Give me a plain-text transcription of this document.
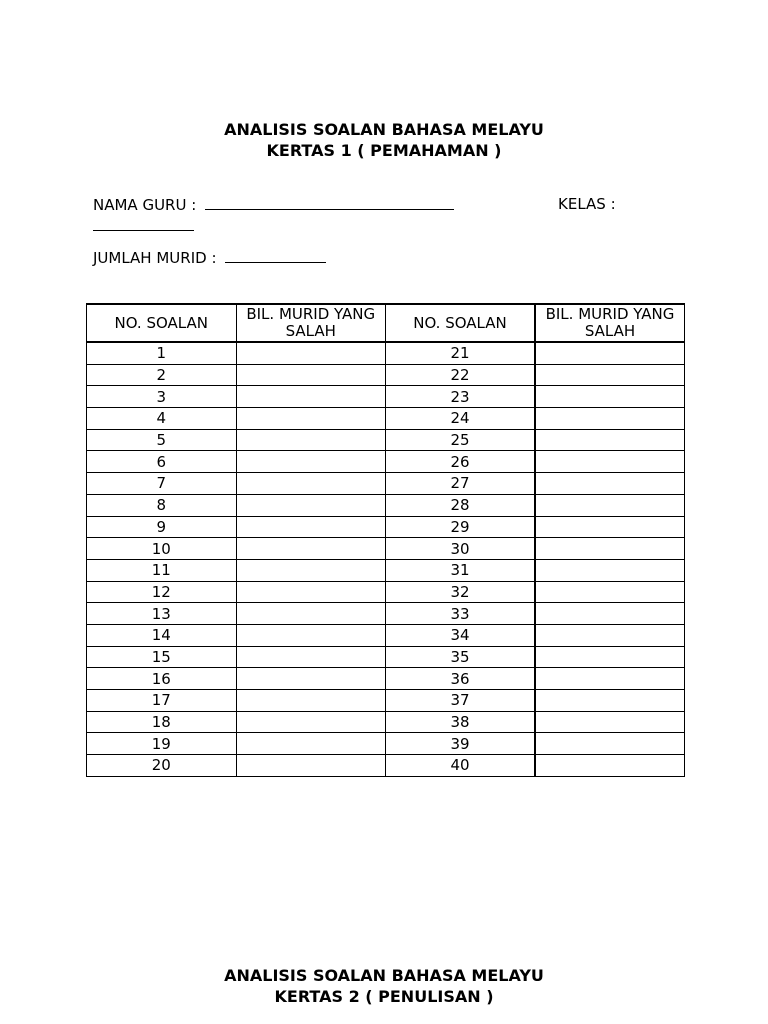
ANALISIS SOALAN BAHASA MELAYU
KERTAS 1 ( PEMAHAMAN )
NAMA GURU :	KELAS :
JUMLAH MURID :
NO. SOALAN	BIL. MURID YANG SALAH	NO. SOALAN	BIL. MURID YANG SALAH
1		21	
2		22	
3		23	
4		24	
5		25	
6		26	
7		27	
8		28	
9		29	
10		30	
11		31	
12		32	
13		33	
14		34	
15		35	
16		36	
17		37	
18		38	
19		39	
20		40	
ANALISIS SOALAN BAHASA MELAYU
KERTAS 2 ( PENULISAN )
